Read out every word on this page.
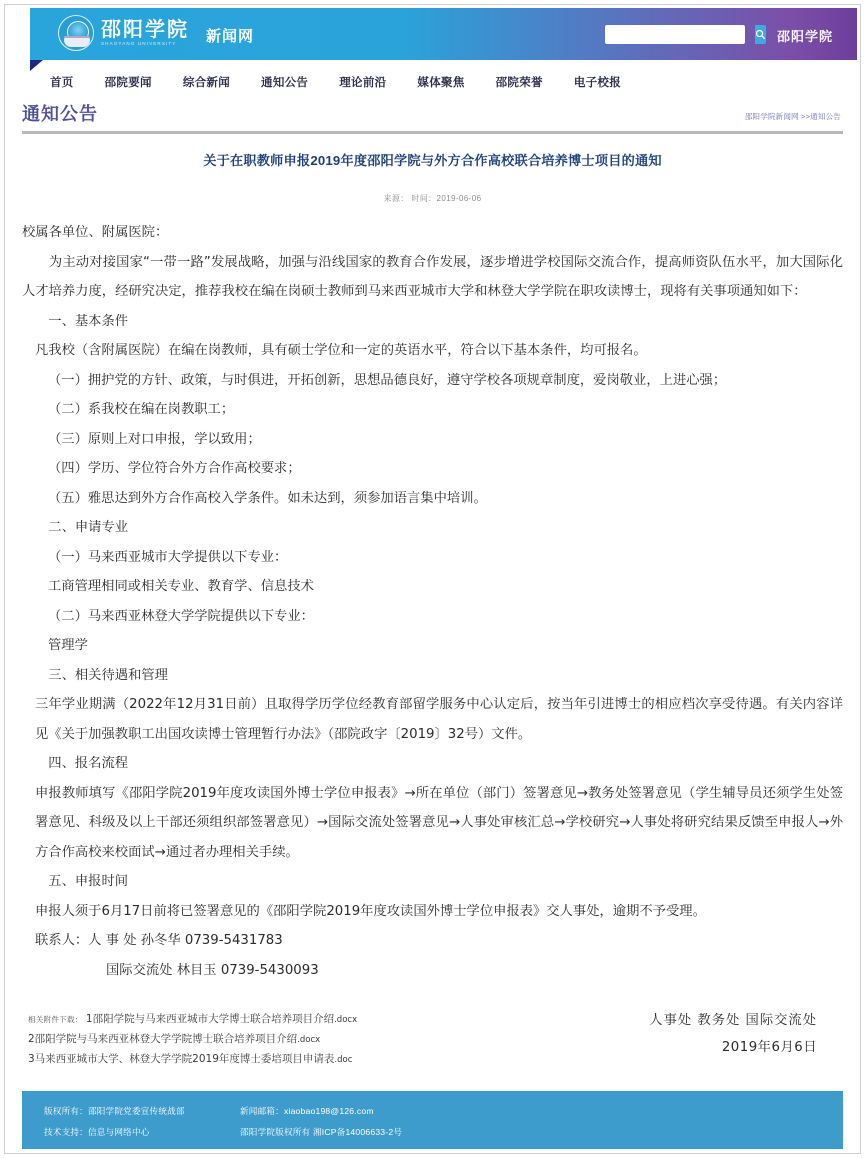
邵阳学院
SHAOYANG UNIVERSITY	新闻网	邵阳学院
首页	邵院要闻	综合新闻	通知公告	理论前沿	媒体聚焦	邵院荣誉	电子校报
通知公告	邵阳学院新闻网 >>通知公告
关于在职教师申报2019年度邵阳学院与外方合作高校联合培养博士项目的通知
来源： 时间：2019-06-06

校属各单位、附属医院：

　　为主动对接国家“一带一路”发展战略，加强与沿线国家的教育合作发展，逐步增进学校国际交流合作，提高师资队伍水平，加大国际化人才培养力度，经研究决定，推荐我校在编在岗硕士教师到马来西亚城市大学和林登大学学院在职攻读博士，现将有关事项通知如下：

　一、基本条件

凡我校（含附属医院）在编在岗教师，具有硕士学位和一定的英语水平，符合以下基本条件，均可报名。

（一）拥护党的方针、政策，与时俱进，开拓创新，思想品德良好，遵守学校各项规章制度，爱岗敬业，上进心强；

（二）系我校在编在岗教职工；

（三）原则上对口申报，学以致用；

（四）学历、学位符合外方合作高校要求；

（五）雅思达到外方合作高校入学条件。如未达到，须参加语言集中培训。

　二、申请专业

（一）马来西亚城市大学提供以下专业：

工商管理相同或相关专业、教育学、信息技术

（二）马来西亚林登大学学院提供以下专业：

管理学

　三、相关待遇和管理

三年学业期满（2022年12月31日前）且取得学历学位经教育部留学服务中心认定后，按当年引进博士的相应档次享受待遇。有关内容详见《关于加强教职工出国攻读博士管理暂行办法》（邵院政字〔2019〕32号）文件。

　四、报名流程

申报教师填写《邵阳学院2019年度攻读国外博士学位申报表》→所在单位（部门）签署意见→教务处签署意见（学生辅导员还须学生处签署意见、科级及以上干部还须组织部签署意见）→国际交流处签署意见→人事处审核汇总→学校研究→人事处将研究结果反馈至申报人→外方合作高校来校面试→通过者办理相关手续。

　五、申报时间

申报人须于6月17日前将已签署意见的《邵阳学院2019年度攻读国外博士学位申报表》交人事处，逾期不予受理。

联系人：人 事 处 孙冬华 0739-5431783

国际交流处 林目玉 0739-5430093

人事处 教务处 国际交流处
2019年6月6日
相关附件下载： 1邵阳学院与马来西亚城市大学博士联合培养项目介绍.docx
2邵阳学院与马来西亚林登大学学院博士联合培养项目介绍.docx
3马来西亚城市大学、林登大学学院2019年度博士委培项目申请表.doc
版权所有：邵阳学院党委宣传统战部
技术支持：信息与网络中心
新闻邮箱：xiaobao198@126.com
邵阳学院版权所有 湘ICP备14006633-2号
